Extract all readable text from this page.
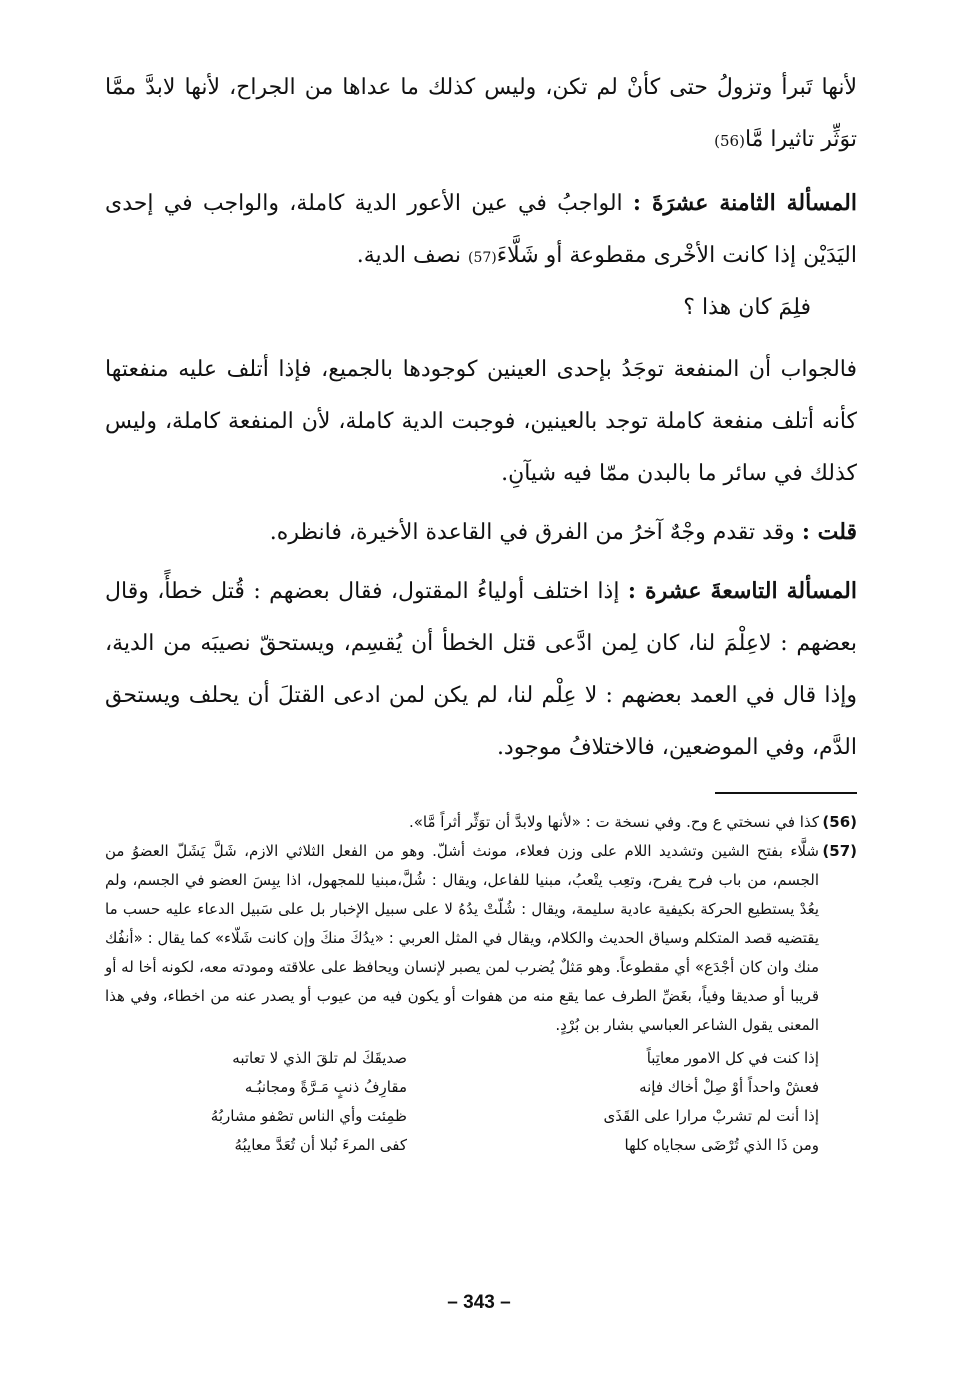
لأنها تَبرأ وتزولُ حتى كأنْ لم تكن، وليس كذلك ما عداها من الجراح، لأنها لابدَّ ممَّا توَثِّر تاثيرا مَّا(56)

المسألة الثامنة عشرَةَ : الواجبُ في عين الأعور الدية كاملة، والواجب في إحدى اليَدَيْن إذا كانت الأخْرى مقطوعة أو شَلَّاءَ(57) نصف الدية.

فلِمَ كان هذا ؟

فالجواب أن المنفعة توجَدُ بإحدى العينين كوجودها بالجميع، فإذا أتلف عليه منفعتها كأنه أتلف منفعة كاملة توجد بالعينين، فوجبت الدية كاملة، لأن المنفعة كاملة، وليس كذلك في سائر ما بالبدن ممّا فيه شيآنِ.

قلت : وقد تقدم وجْهٌ آخرُ من الفرق في القاعدة الأخيرة، فانظره.

المسألة التاسعةَ عشرة : إذا اختلف أولياءُ المقتول، فقال بعضهم : قُتل خطأً، وقال بعضهم : لاعِلْمَ لنا، كان لِمن ادَّعى قتل الخطأ أن يُقسِم، ويستحقّ نصيبَه من الدية، وإذا قال في العمد بعضهم : لا عِلْم لنا، لم يكن لمن ادعى القتلَ أن يحلف ويستحق الدَّم، وفي الموضعين، فالاختلافُ موجود.

(56)
كذا في نسختي ع وح. وفي نسخة ت : «لأنها ولابدَّ أن توَثِّر أثراً مَّا».
(57)
شلَّاء بفتح الشين وتشديد اللام على وزن فعلاء، مونث أشلّ. وهو من الفعل الثلاثي الازم، شَلَّ يَشَلّ العضوُ من الجسم، من باب فرح يفرح، وتعِب يتْعبُ، مبنيا للفاعل، ويقال : شُلَّ،مبنيا للمجهول، اذا يبِسَ العضو في الجسم، ولم يعُدْ يستطيع الحركة بكيفية عادية سليمة، ويقال : شُلّتْ يدُهُ لا على سبيل الإخبار بل على سَبيل الدعاء عليه حسب ما يقتضيه قصد المتكلم وسياق الحديث والكلام، ويقال في المثل العربي : «يدُكَ منكَ وإن كانت شَلّاء» كما يقال : «أنفُك منك وان كان أجْدَع» أي مقطوعاً. وهو مَثلٌ يُضرب لمن يصبر لإنسان ويحافظ على علاقته ومودته معه، لكونه أخا له أو قريبا أو صديقا وفياً، بغَضِّ الطرف عما يقع منه من هفوات أو يكون فيه من عيوب أو يصدر عنه من اخطاء، وفي هذا المعنى يقول الشاعر العباسي بشار بن بُرْدٍ.
إذا كنت في كل الامور معاتِباً
صديقَكَ لم تلقَ الذي لا تعاتبه
فعشْ واحداً أوْ صِلْ أخاك فإنه
مقارِفُ ذنبٍ مَـرَّةً ومجانبُـه
إذا أنت لم تشربْ مرارا على القَذَى
ظمِئت وأي الناس تصْفو مشاربُهُ
ومن ذَا الذي تُرْضَى سجاياه كلها
كفى المرءَ نُبلا أن تُعَدَّ معايبُهُ
– 343 –
